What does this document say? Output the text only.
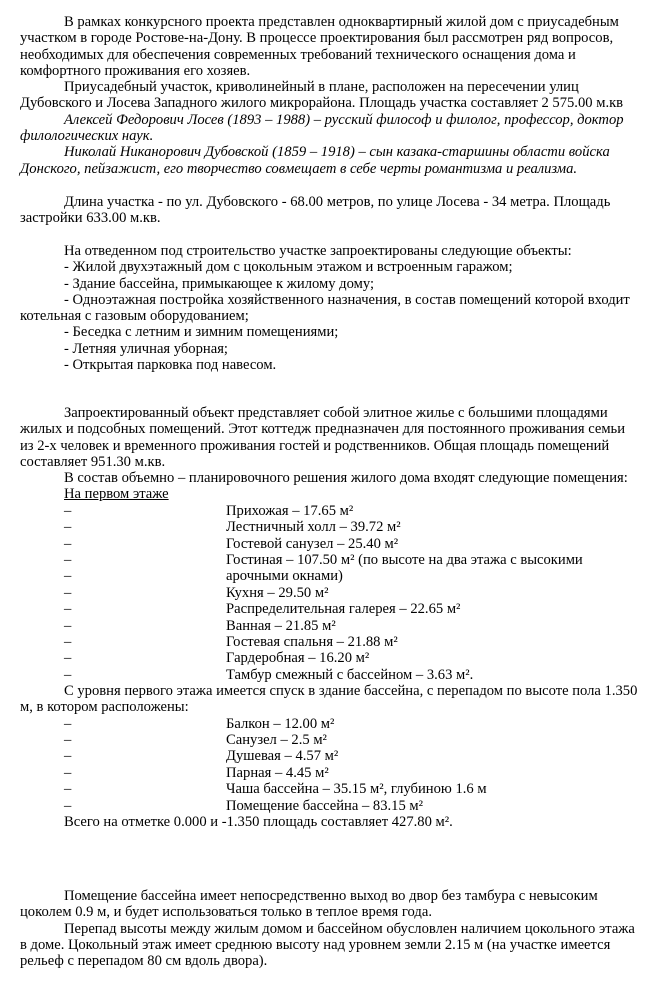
В рамках конкурсного проекта представлен одноквартирный жилой дом с приусадебным участком в городе Ростове-на-Дону. В процессе проектирования был рассмотрен ряд вопросов, необходимых для обеспечения современных требований технического оснащения дома и комфортного проживания его хозяев.

Приусадебный участок, криволинейный в плане, расположен на пересечении улиц Дубовского и Лосева Западного жилого микрорайона. Площадь участка составляет 2 575.00 м.кв

Алексей Федорович Лосев (1893 – 1988) – русский философ и филолог, профессор, доктор филологических наук.

Николай Никанорович Дубовской (1859 – 1918) – сын казака-старшины области войска Донского, пейзажист, его творчество совмещает в себе черты романтизма и реализма.

Длина участка - по ул. Дубовского - 68.00 метров, по улице Лосева - 34 метра. Площадь застройки 633.00 м.кв.

На отведенном под строительство участке запроектированы следующие объекты:

- Жилой двухэтажный дом с цокольным этажом и встроенным гаражом;

- Здание бассейна, примыкающее к жилому дому;

- Одноэтажная постройка хозяйственного назначения, в состав помещений которой входит котельная с газовым оборудованием;

- Беседка с летним и зимним помещениями;

- Летняя уличная уборная;

- Открытая парковка под навесом.

Запроектированный объект представляет собой элитное жилье с большими площадями жилых и подсобных помещений. Этот коттедж предназначен для постоянного проживания семьи из 2-х человек и временного проживания гостей и родственников. Общая площадь помещений составляет 951.30 м.кв.

В состав объемно – планировочного решения жилого дома входят следующие помещения:

На первом этаже

–	Прихожая – 17.65 м²
–	Лестничный холл – 39.72 м²
–	Гостевой санузел – 25.40 м²
–	Гостиная – 107.50 м² (по высоте на два этажа с высокими
–	арочными окнами)
–	Кухня – 29.50 м²
–	Распределительная галерея – 22.65 м²
–	Ванная – 21.85 м²
–	Гостевая спальня – 21.88 м²
–	Гардеробная – 16.20 м²
–	Тамбур смежный с бассейном – 3.63 м².

С уровня первого этажа имеется спуск в здание бассейна, с перепадом по высоте пола 1.350 м, в котором расположены:

–	Балкон – 12.00 м²
–	Санузел – 2.5 м²
–	Душевая – 4.57 м²
–	Парная – 4.45 м²
–	Чаша бассейна – 35.15 м², глубиною 1.6 м
–	Помещение бассейна – 83.15 м²

Всего на отметке 0.000 и -1.350 площадь составляет 427.80 м².

Помещение бассейна имеет непосредственно выход во двор без тамбура с невысоким цоколем 0.9 м, и будет использоваться только в теплое время года.

Перепад высоты между жилым домом и бассейном обусловлен наличием цокольного этажа в доме. Цокольный этаж имеет среднюю высоту над уровнем земли 2.15 м (на участке имеется рельеф с перепадом 80 см вдоль двора).
